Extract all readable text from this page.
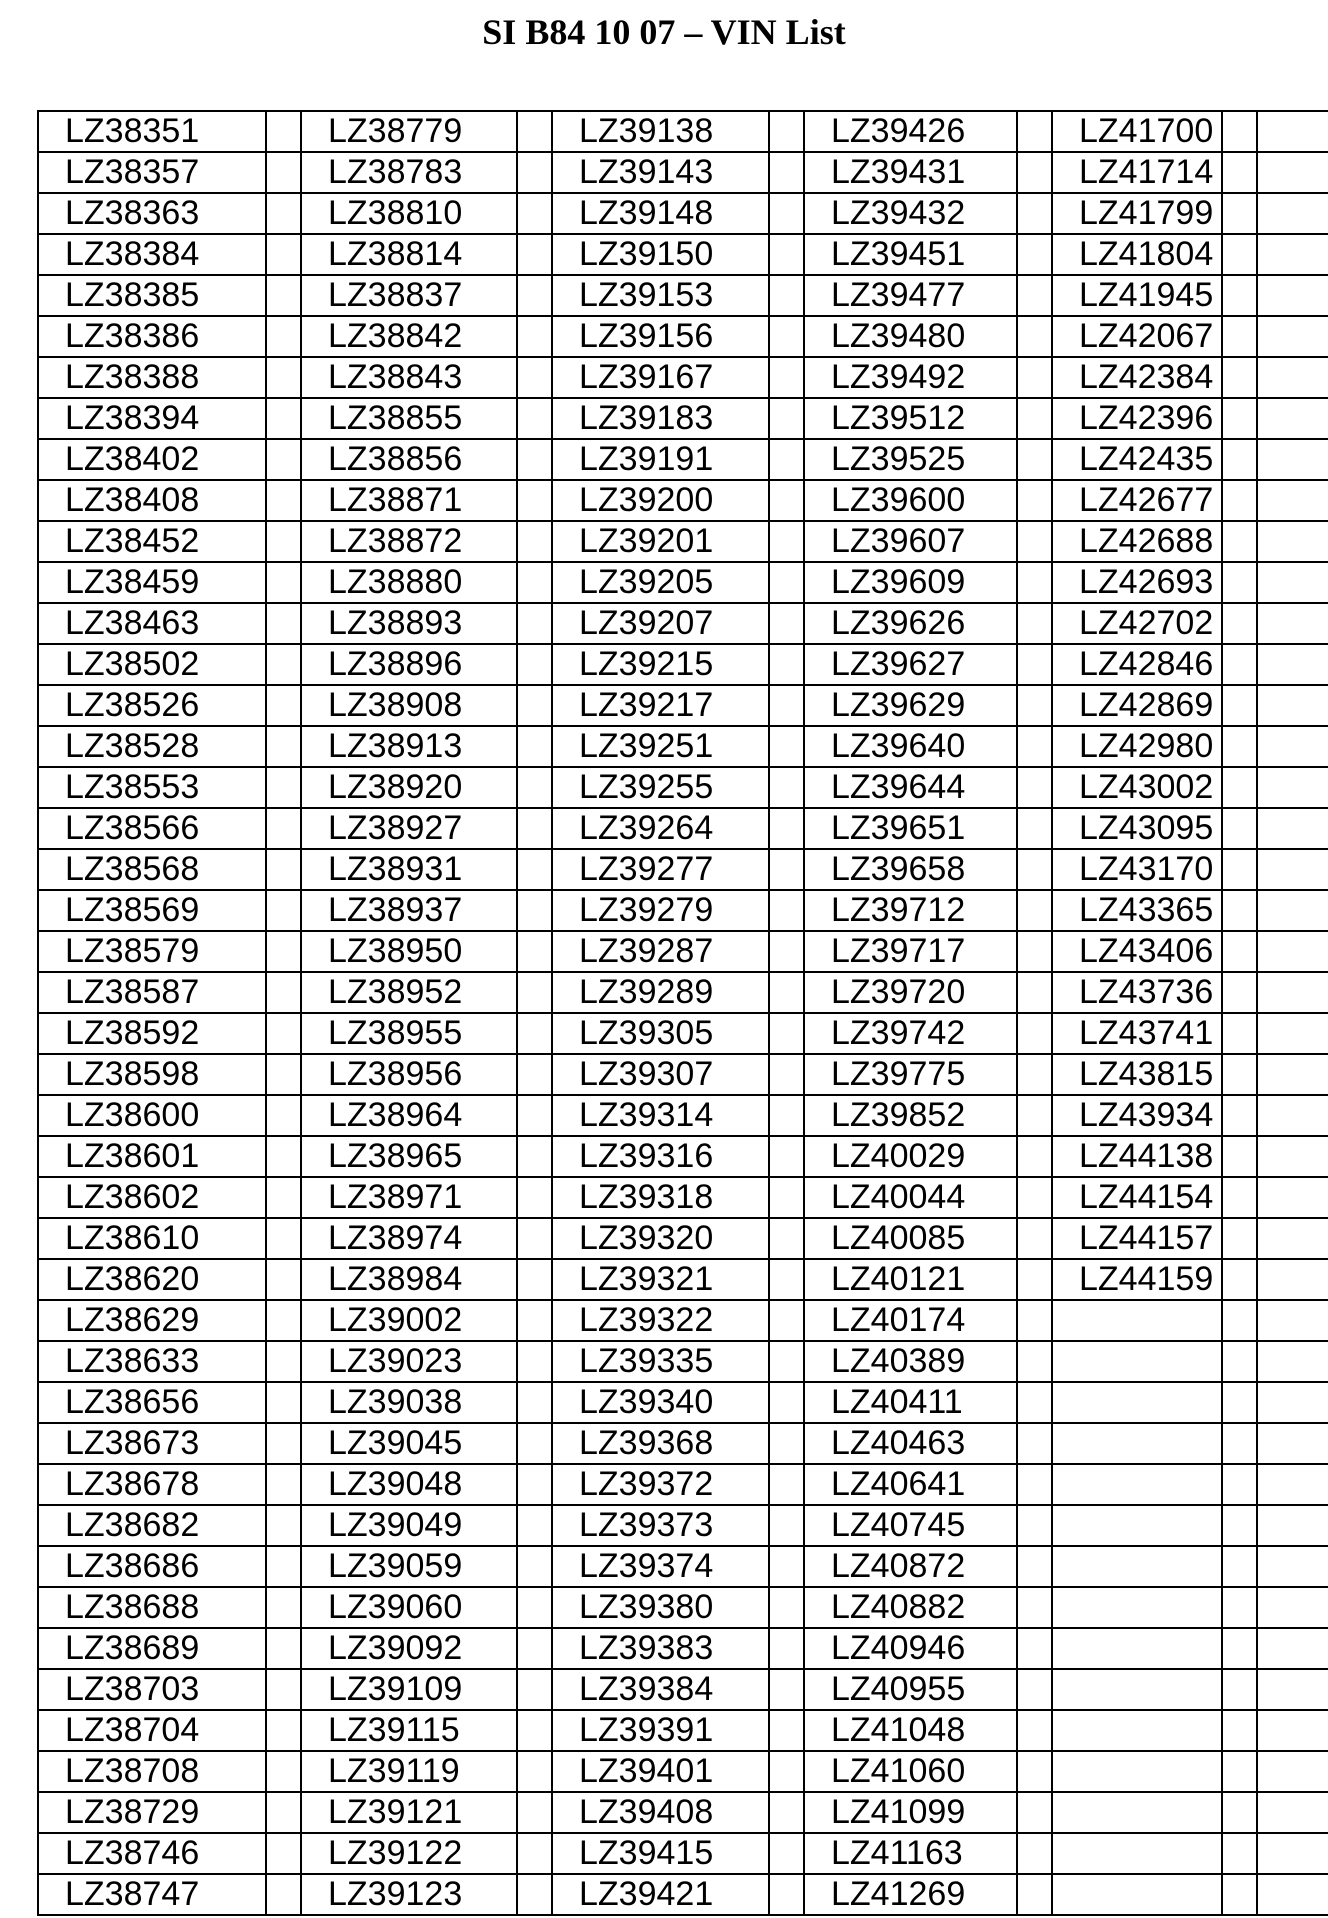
SI B84 10 07 – VIN List
LZ38351		LZ38779		LZ39138		LZ39426		LZ41700		
LZ38357		LZ38783		LZ39143		LZ39431		LZ41714		
LZ38363		LZ38810		LZ39148		LZ39432		LZ41799		
LZ38384		LZ38814		LZ39150		LZ39451		LZ41804		
LZ38385		LZ38837		LZ39153		LZ39477		LZ41945		
LZ38386		LZ38842		LZ39156		LZ39480		LZ42067		
LZ38388		LZ38843		LZ39167		LZ39492		LZ42384		
LZ38394		LZ38855		LZ39183		LZ39512		LZ42396		
LZ38402		LZ38856		LZ39191		LZ39525		LZ42435		
LZ38408		LZ38871		LZ39200		LZ39600		LZ42677		
LZ38452		LZ38872		LZ39201		LZ39607		LZ42688		
LZ38459		LZ38880		LZ39205		LZ39609		LZ42693		
LZ38463		LZ38893		LZ39207		LZ39626		LZ42702		
LZ38502		LZ38896		LZ39215		LZ39627		LZ42846		
LZ38526		LZ38908		LZ39217		LZ39629		LZ42869		
LZ38528		LZ38913		LZ39251		LZ39640		LZ42980		
LZ38553		LZ38920		LZ39255		LZ39644		LZ43002		
LZ38566		LZ38927		LZ39264		LZ39651		LZ43095		
LZ38568		LZ38931		LZ39277		LZ39658		LZ43170		
LZ38569		LZ38937		LZ39279		LZ39712		LZ43365		
LZ38579		LZ38950		LZ39287		LZ39717		LZ43406		
LZ38587		LZ38952		LZ39289		LZ39720		LZ43736		
LZ38592		LZ38955		LZ39305		LZ39742		LZ43741		
LZ38598		LZ38956		LZ39307		LZ39775		LZ43815		
LZ38600		LZ38964		LZ39314		LZ39852		LZ43934		
LZ38601		LZ38965		LZ39316		LZ40029		LZ44138		
LZ38602		LZ38971		LZ39318		LZ40044		LZ44154		
LZ38610		LZ38974		LZ39320		LZ40085		LZ44157		
LZ38620		LZ38984		LZ39321		LZ40121		LZ44159		
LZ38629		LZ39002		LZ39322		LZ40174				
LZ38633		LZ39023		LZ39335		LZ40389				
LZ38656		LZ39038		LZ39340		LZ40411				
LZ38673		LZ39045		LZ39368		LZ40463				
LZ38678		LZ39048		LZ39372		LZ40641				
LZ38682		LZ39049		LZ39373		LZ40745				
LZ38686		LZ39059		LZ39374		LZ40872				
LZ38688		LZ39060		LZ39380		LZ40882				
LZ38689		LZ39092		LZ39383		LZ40946				
LZ38703		LZ39109		LZ39384		LZ40955				
LZ38704		LZ39115		LZ39391		LZ41048				
LZ38708		LZ39119		LZ39401		LZ41060				
LZ38729		LZ39121		LZ39408		LZ41099				
LZ38746		LZ39122		LZ39415		LZ41163				
LZ38747		LZ39123		LZ39421		LZ41269				
